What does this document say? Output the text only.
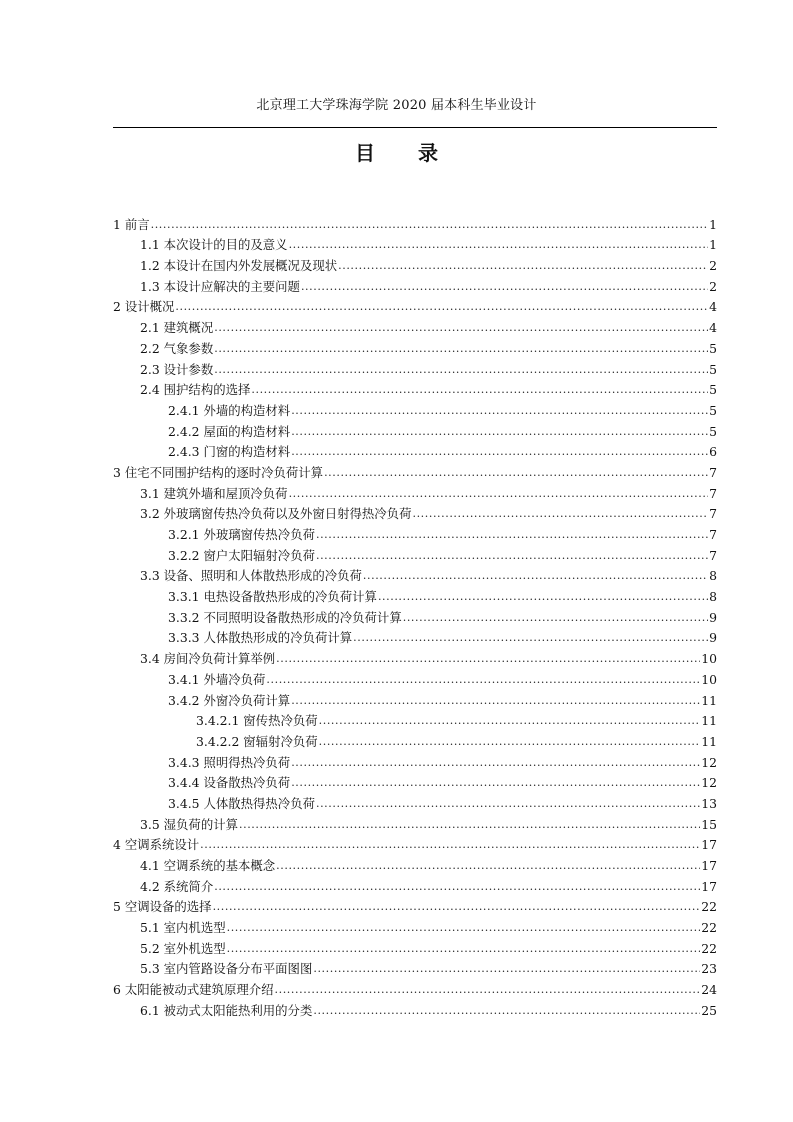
北京理工大学珠海学院 2020 届本科生毕业设计
目 录
1 前言 .....	1
1.1 本次设计的目的及意义 .....	1
1.2 本设计在国内外发展概况及现状 .....	2
1.3 本设计应解决的主要问题 .....	2
2 设计概况 .....	4
2.1 建筑概况 .....	4
2.2 气象参数 .....	5
2.3 设计参数 .....	5
2.4 围护结构的选择 .....	5
2.4.1 外墙的构造材料 .....	5
2.4.2 屋面的构造材料 .....	5
2.4.3 门窗的构造材料 .....	6
3 住宅不同围护结构的逐时冷负荷计算 .....	7
3.1 建筑外墙和屋顶冷负荷 .....	7
3.2 外玻璃窗传热冷负荷以及外窗日射得热冷负荷 .....	7
3.2.1 外玻璃窗传热冷负荷 .....	7
3.2.2 窗户太阳辐射冷负荷 .....	7
3.3 设备、照明和人体散热形成的冷负荷 .....	8
3.3.1 电热设备散热形成的冷负荷计算 .....	8
3.3.2 不同照明设备散热形成的冷负荷计算 .....	9
3.3.3 人体散热形成的冷负荷计算 .....	9
3.4 房间冷负荷计算举例 .....	10
3.4.1 外墙冷负荷 .....	10
3.4.2 外窗冷负荷计算 .....	11
3.4.2.1 窗传热冷负荷 .....	11
3.4.2.2 窗辐射冷负荷 .....	11
3.4.3 照明得热冷负荷 .....	12
3.4.4 设备散热冷负荷 .....	12
3.4.5 人体散热得热冷负荷 .....	13
3.5 湿负荷的计算 .....	15
4 空调系统设计 .....	17
4.1 空调系统的基本概念 .....	17
4.2 系统简介 .....	17
5 空调设备的选择 .....	22
5.1 室内机选型 .....	22
5.2 室外机选型 .....	22
5.3 室内管路设备分布平面图图 .....	23
6 太阳能被动式建筑原理介绍 .....	24
6.1 被动式太阳能热利用的分类 .....	25
